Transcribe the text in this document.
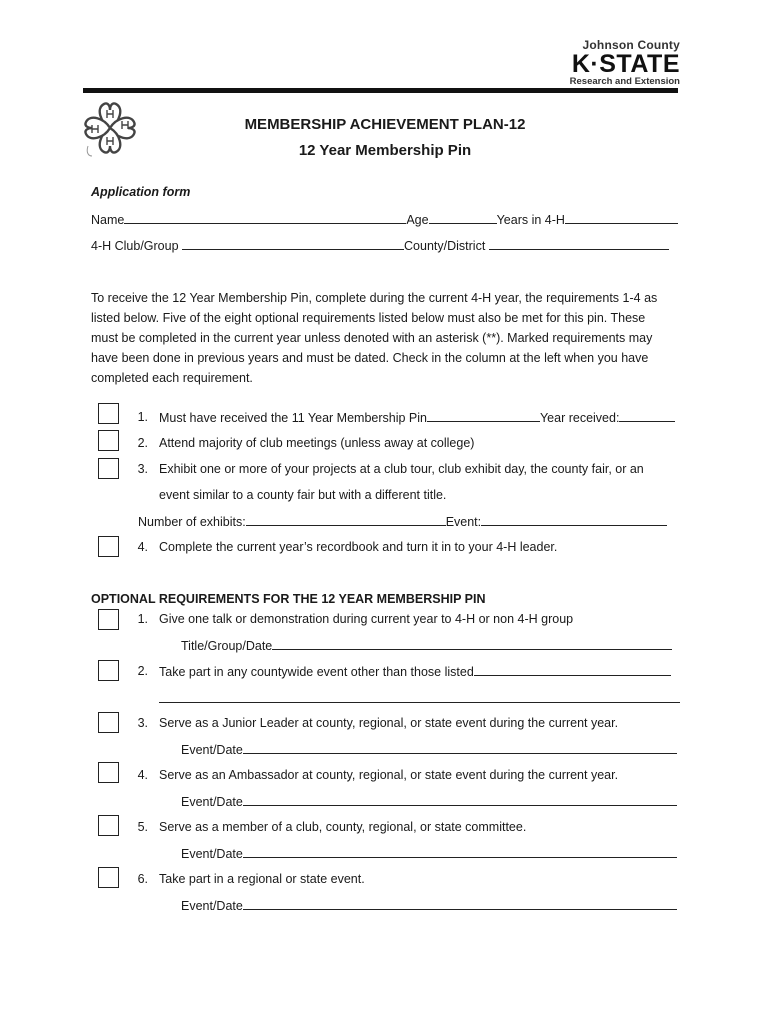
Johnson County
K·STATE
Research and Extension
MEMBERSHIP ACHIEVEMENT PLAN-12
12 Year Membership Pin
Application form
Name	Age	Years in 4-H
4-H Club/Group	County/District
To receive the 12 Year Membership Pin, complete during the current 4-H year, the requirements 1-4 as
listed below. Five of the eight optional requirements listed below must also be met for this pin. These
must be completed in the current year unless denoted with an asterisk (**). Marked requirements may
have been done in previous years and must be dated. Check in the column at the left when you have
completed each requirement.
1. Must have received the 11 Year Membership Pin	Year received:
2. Attend majority of club meetings (unless away at college)
3. Exhibit one or more of your projects at a club tour, club exhibit day, the county fair, or an
event similar to a county fair but with a different title.
Number of exhibits:	Event:
4. Complete the current year’s recordbook and turn it in to your 4-H leader.
OPTIONAL REQUIREMENTS FOR THE 12 YEAR MEMBERSHIP PIN
1. Give one talk or demonstration during current year to 4-H or non 4-H group
Title/Group/Date
2. Take part in any countywide event other than those listed
3. Serve as a Junior Leader at county, regional, or state event during the current year.
Event/Date
4. Serve as an Ambassador at county, regional, or state event during the current year.
Event/Date
5. Serve as a member of a club, county, regional, or state committee.
Event/Date
6. Take part in a regional or state event.
Event/Date
